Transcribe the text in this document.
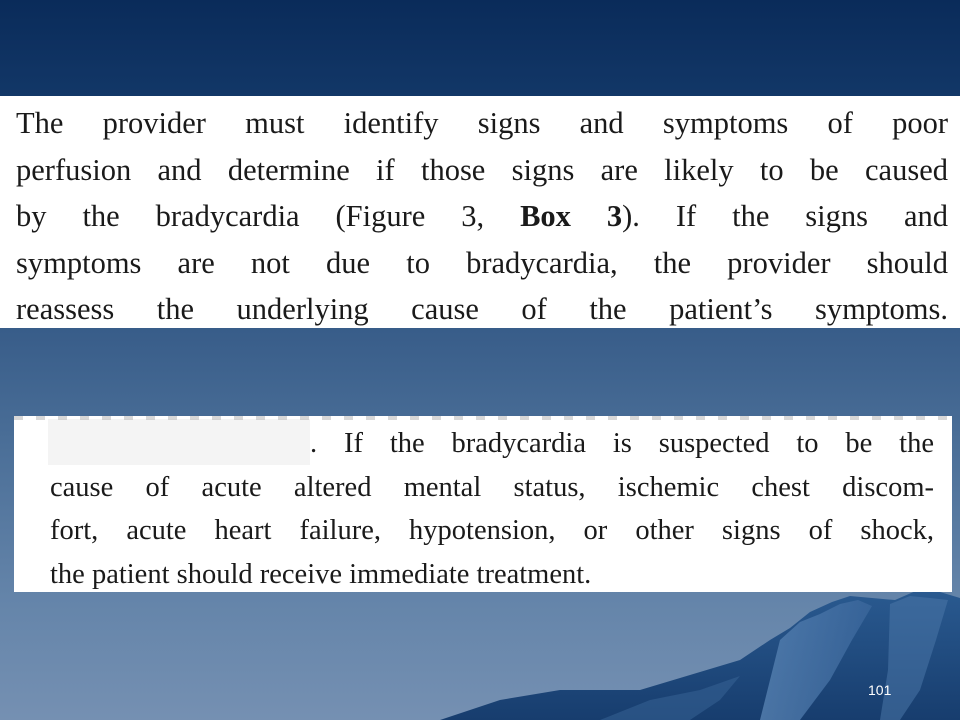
The provider must identify signs and symptoms of poor
perfusion and determine if those signs are likely to be caused
by the bradycardia (Figure 3, Box 3). If the signs and
symptoms are not due to bradycardia, the provider should
reassess the underlying cause of the patient’s symptoms.
. If the bradycardia is suspected to be the
cause of acute altered mental status, ischemic chest discom-
fort, acute heart failure, hypotension, or other signs of shock,
the patient should receive immediate treatment.
101
